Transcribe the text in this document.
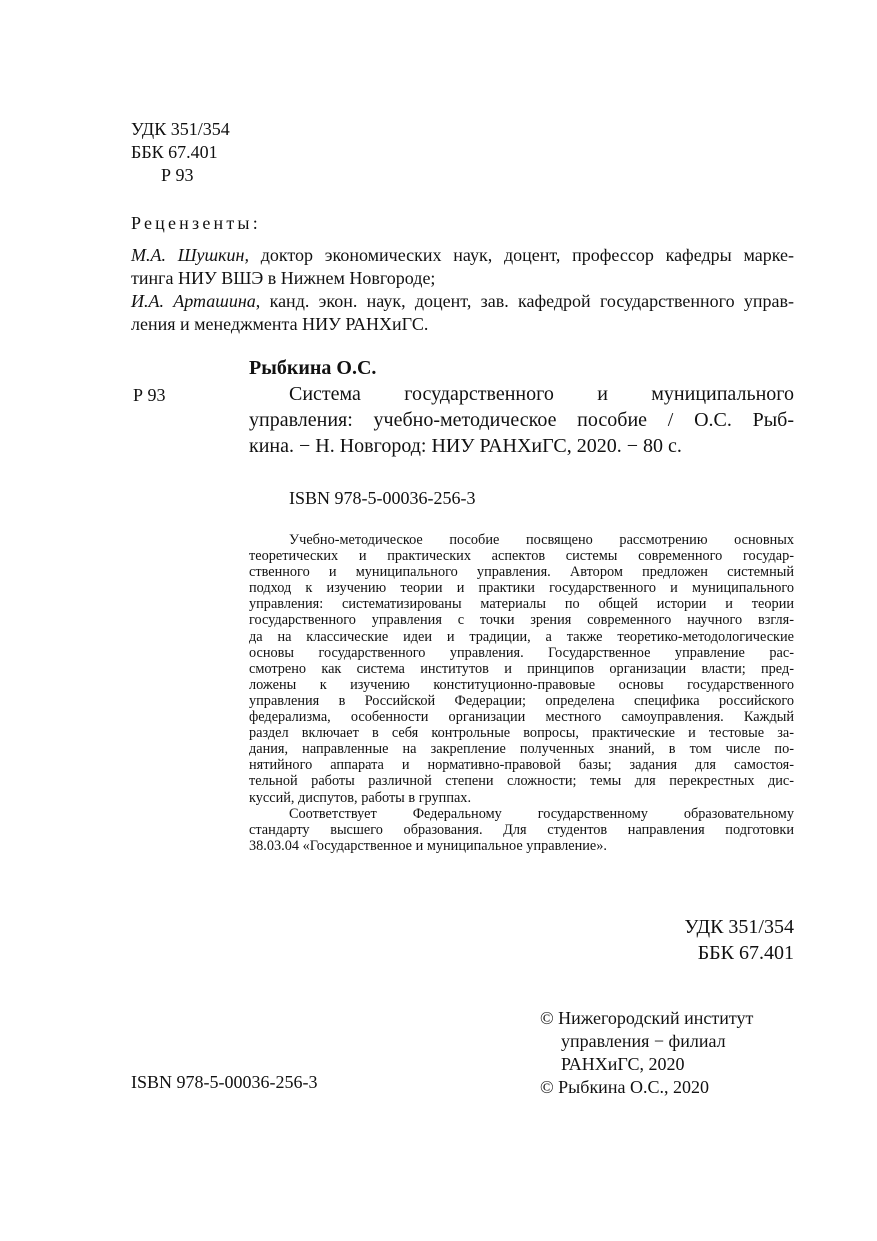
УДК 351/354
ББК 67.401
Р 93
Рецензенты:
М.А. Шушкин, доктор экономических наук, доцент, профессор кафедры марке-
тинга НИУ ВШЭ в Нижнем Новгороде;
И.А. Арташина, канд. экон. наук, доцент, зав. кафедрой государственного управ-
ления и менеджмента НИУ РАНХиГС.
Рыбкина О.С.
Р 93	Система государственного и муниципального
управления: учебно-методическое пособие / О.С. Рыб-
кина. − Н. Новгород: НИУ РАНХиГС, 2020. − 80 с.
ISBN 978-5-00036-256-3
Учебно-методическое пособие посвящено рассмотрению основных
теоретических и практических аспектов системы современного государ-
ственного и муниципального управления. Автором предложен системный
подход к изучению теории и практики государственного и муниципального
управления: систематизированы материалы по общей истории и теории
государственного управления с точки зрения современного научного взгля-
да на классические идеи и традиции, а также теоретико-методологические
основы государственного управления. Государственное управление рас-
смотрено как система институтов и принципов организации власти; пред-
ложены к изучению конституционно-правовые основы государственного
управления в Российской Федерации; определена специфика российского
федерализма, особенности организации местного самоуправления. Каждый
раздел включает в себя контрольные вопросы, практические и тестовые за-
дания, направленные на закрепление полученных знаний, в том числе по-
нятийного аппарата и нормативно-правовой базы; задания для самостоя-
тельной работы различной степени сложности; темы для перекрестных дис-
куссий, диспутов, работы в группах.
Соответствует Федеральному государственному образовательному
стандарту высшего образования. Для студентов направления подготовки
38.03.04 «Государственное и муниципальное управление».
УДК 351/354
ББК 67.401
© Нижегородский институт
управления − филиал
РАНХиГС, 2020
© Рыбкина О.С., 2020
ISBN 978-5-00036-256-3
